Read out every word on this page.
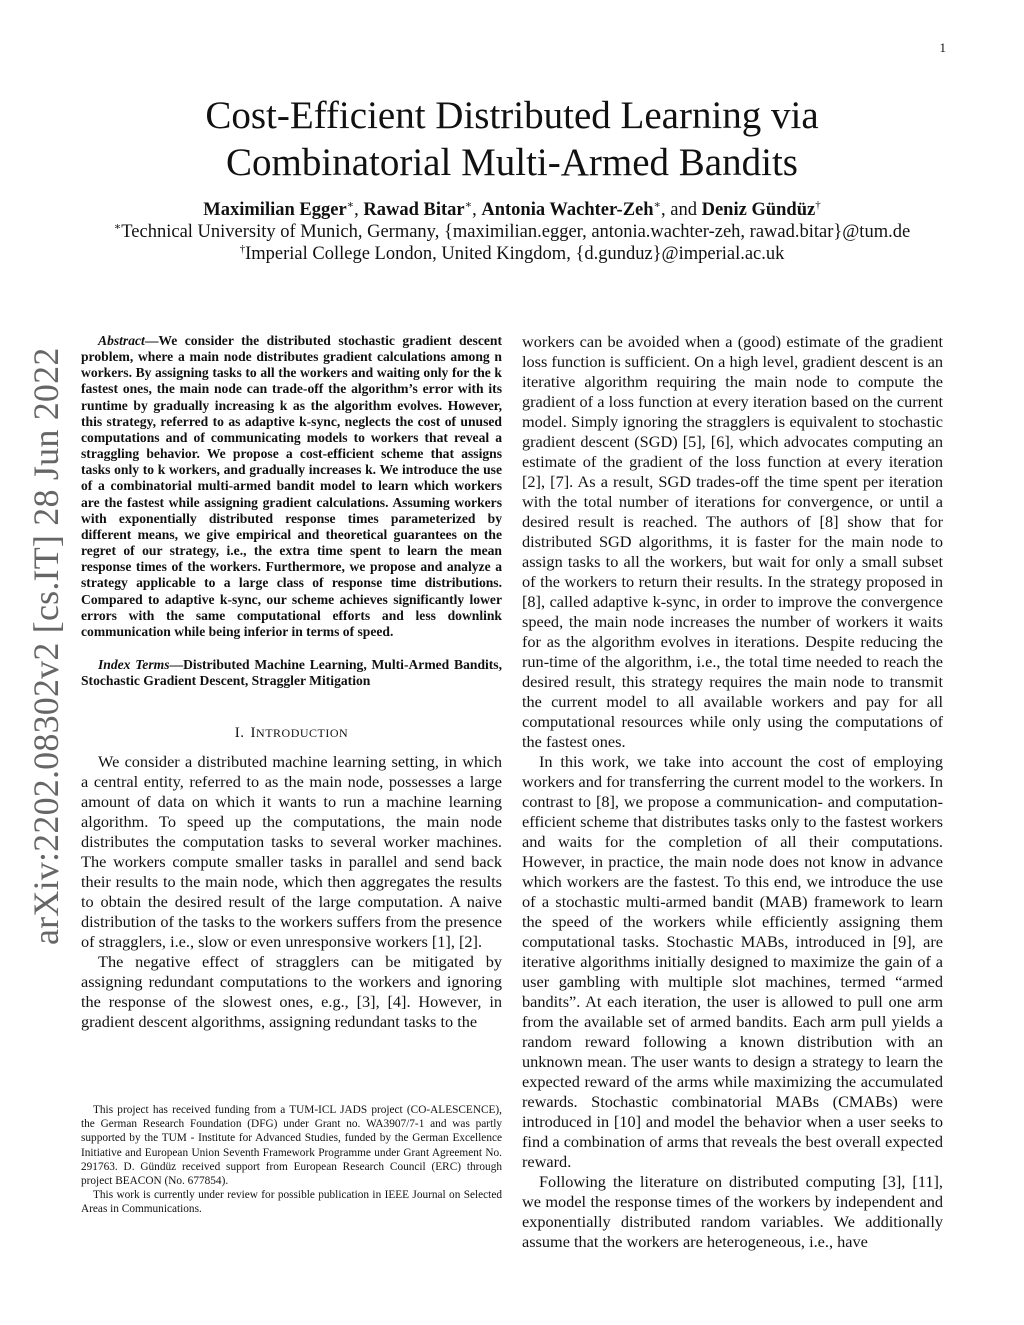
1
arXiv:2202.08302v2 [cs.IT] 28 Jun 2022
Cost-Efficient Distributed Learning via
Combinatorial Multi-Armed Bandits
Maximilian Egger∗, Rawad Bitar∗, Antonia Wachter-Zeh∗, and Deniz Gündüz†
∗Technical University of Munich, Germany, {maximilian.egger, antonia.wachter-zeh, rawad.bitar}@tum.de
†Imperial College London, United Kingdom, {d.gunduz}@imperial.ac.uk

Abstract—We consider the distributed stochastic gradient descent problem, where a main node distributes gradient calculations among n workers. By assigning tasks to all the workers and waiting only for the k fastest ones, the main node can trade-off the algorithm’s error with its runtime by gradually increasing k as the algorithm evolves. However, this strategy, referred to as adaptive k-sync, neglects the cost of unused computations and of communicating models to workers that reveal a straggling behavior. We propose a cost-efficient scheme that assigns tasks only to k workers, and gradually increases k. We introduce the use of a combinatorial multi-armed bandit model to learn which workers are the fastest while assigning gradient calculations. Assuming workers with exponentially distributed response times parameterized by different means, we give empirical and theoretical guarantees on the regret of our strategy, i.e., the extra time spent to learn the mean response times of the workers. Furthermore, we propose and analyze a strategy applicable to a large class of response time distributions. Compared to adaptive k-sync, our scheme achieves significantly lower errors with the same computational efforts and less downlink communication while being inferior in terms of speed.

Index Terms—Distributed Machine Learning, Multi-Armed Bandits, Stochastic Gradient Descent, Straggler Mitigation

I. INTRODUCTION

We consider a distributed machine learning setting, in which a central entity, referred to as the main node, possesses a large amount of data on which it wants to run a machine learning algorithm. To speed up the computations, the main node distributes the computation tasks to several worker machines. The workers compute smaller tasks in parallel and send back their results to the main node, which then aggregates the results to obtain the desired result of the large computation. A naive distribution of the tasks to the workers suffers from the presence of stragglers, i.e., slow or even unresponsive workers [1], [2].

The negative effect of stragglers can be mitigated by assigning redundant computations to the workers and ignoring the response of the slowest ones, e.g., [3], [4]. However, in gradient descent algorithms, assigning redundant tasks to the

This project has received funding from a TUM-ICL JADS project (CO-ALESCENCE), the German Research Foundation (DFG) under Grant no. WA3907/7-1 and was partly supported by the TUM - Institute for Advanced Studies, funded by the German Excellence Initiative and European Union Seventh Framework Programme under Grant Agreement No. 291763. D. Gündüz received support from European Research Council (ERC) through project BEACON (No. 677854).

This work is currently under review for possible publication in IEEE Journal on Selected Areas in Communications.

workers can be avoided when a (good) estimate of the gradient loss function is sufficient. On a high level, gradient descent is an iterative algorithm requiring the main node to compute the gradient of a loss function at every iteration based on the current model. Simply ignoring the stragglers is equivalent to stochastic gradient descent (SGD) [5], [6], which advocates computing an estimate of the gradient of the loss function at every iteration [2], [7]. As a result, SGD trades-off the time spent per iteration with the total number of iterations for convergence, or until a desired result is reached. The authors of [8] show that for distributed SGD algorithms, it is faster for the main node to assign tasks to all the workers, but wait for only a small subset of the workers to return their results. In the strategy proposed in [8], called adaptive k-sync, in order to improve the convergence speed, the main node increases the number of workers it waits for as the algorithm evolves in iterations. Despite reducing the run-time of the algorithm, i.e., the total time needed to reach the desired result, this strategy requires the main node to transmit the current model to all available workers and pay for all computational resources while only using the computations of the fastest ones.

In this work, we take into account the cost of employing workers and for transferring the current model to the workers. In contrast to [8], we propose a communication- and computation-efficient scheme that distributes tasks only to the fastest workers and waits for the completion of all their computations. However, in practice, the main node does not know in advance which workers are the fastest. To this end, we introduce the use of a stochastic multi-armed bandit (MAB) framework to learn the speed of the workers while efficiently assigning them computational tasks. Stochastic MABs, introduced in [9], are iterative algorithms initially designed to maximize the gain of a user gambling with multiple slot machines, termed “armed bandits”. At each iteration, the user is allowed to pull one arm from the available set of armed bandits. Each arm pull yields a random reward following a known distribution with an unknown mean. The user wants to design a strategy to learn the expected reward of the arms while maximizing the accumulated rewards. Stochastic combinatorial MABs (CMABs) were introduced in [10] and model the behavior when a user seeks to find a combination of arms that reveals the best overall expected reward.

Following the literature on distributed computing [3], [11], we model the response times of the workers by independent and exponentially distributed random variables. We additionally assume that the workers are heterogeneous, i.e., have
